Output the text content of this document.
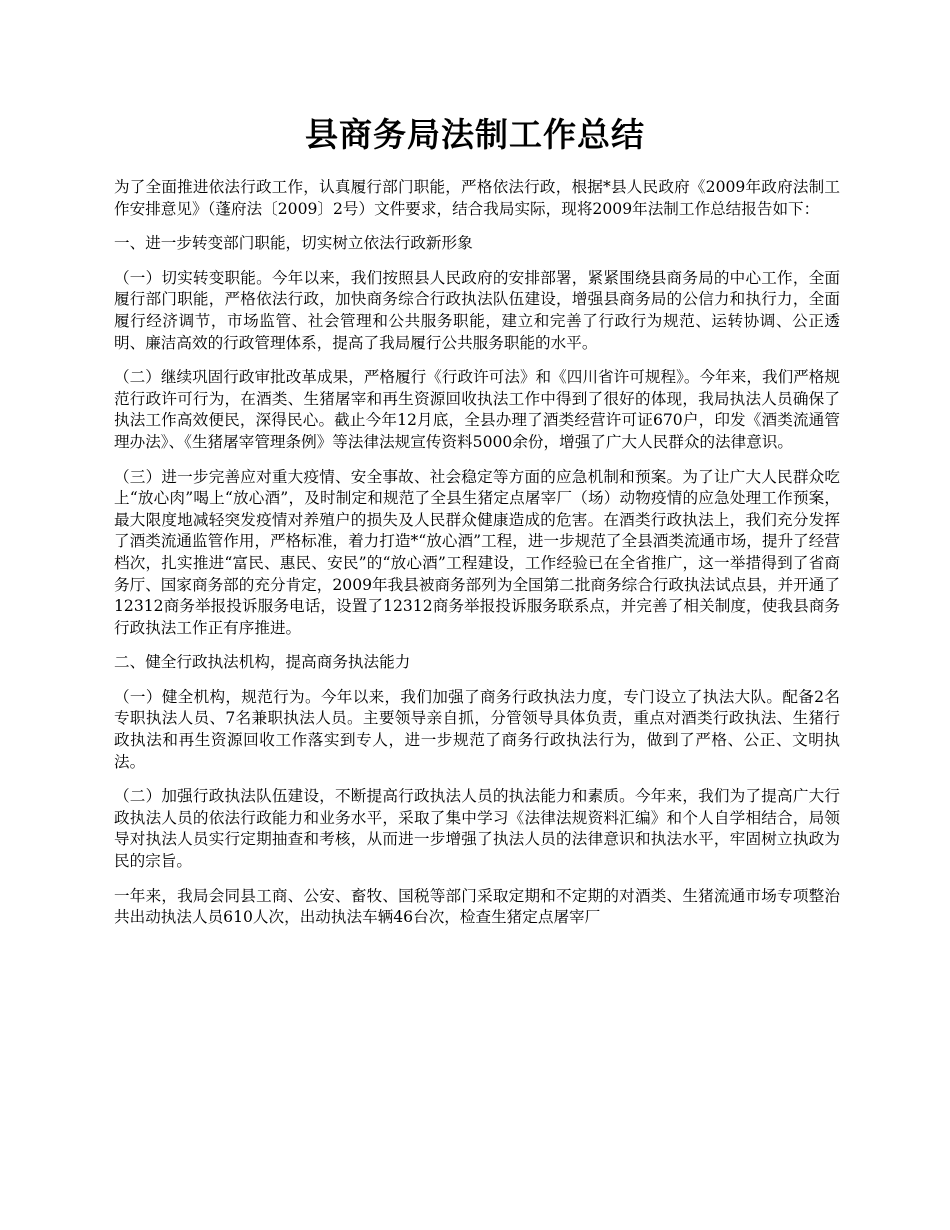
县商务局法制工作总结

为了全面推进依法行政工作，认真履行部门职能，严格依法行政，根据*县人民政府《2009年政府法制工作安排意见》（蓬府法〔2009〕2号）文件要求，结合我局实际，现将2009年法制工作总结报告如下：

一、进一步转变部门职能，切实树立依法行政新形象

（一）切实转变职能。今年以来，我们按照县人民政府的安排部署，紧紧围绕县商务局的中心工作，全面履行部门职能，严格依法行政，加快商务综合行政执法队伍建设，增强县商务局的公信力和执行力，全面履行经济调节，市场监管、社会管理和公共服务职能，建立和完善了行政行为规范、运转协调、公正透明、廉洁高效的行政管理体系，提高了我局履行公共服务职能的水平。

（二）继续巩固行政审批改革成果，严格履行《行政许可法》和《四川省许可规程》。今年来，我们严格规范行政许可行为，在酒类、生猪屠宰和再生资源回收执法工作中得到了很好的体现，我局执法人员确保了执法工作高效便民，深得民心。截止今年12月底，全县办理了酒类经营许可证670户，印发《酒类流通管理办法》、《生猪屠宰管理条例》等法律法规宣传资料5000余份，增强了广大人民群众的法律意识。

（三）进一步完善应对重大疫情、安全事故、社会稳定等方面的应急机制和预案。为了让广大人民群众吃上“放心肉”喝上“放心酒”，及时制定和规范了全县生猪定点屠宰厂（场）动物疫情的应急处理工作预案，最大限度地减轻突发疫情对养殖户的损失及人民群众健康造成的危害。在酒类行政执法上，我们充分发挥了酒类流通监管作用，严格标准，着力打造*“放心酒”工程，进一步规范了全县酒类流通市场，提升了经营档次，扎实推进“富民、惠民、安民”的“放心酒”工程建设，工作经验已在全省推广，这一举措得到了省商务厅、国家商务部的充分肯定，2009年我县被商务部列为全国第二批商务综合行政执法试点县，并开通了12312商务举报投诉服务电话，设置了12312商务举报投诉服务联系点，并完善了相关制度，使我县商务行政执法工作正有序推进。

二、健全行政执法机构，提高商务执法能力

（一）健全机构，规范行为。今年以来，我们加强了商务行政执法力度，专门设立了执法大队。配备2名专职执法人员、7名兼职执法人员。主要领导亲自抓，分管领导具体负责，重点对酒类行政执法、生猪行政执法和再生资源回收工作落实到专人，进一步规范了商务行政执法行为，做到了严格、公正、文明执法。

（二）加强行政执法队伍建设，不断提高行政执法人员的执法能力和素质。今年来，我们为了提高广大行政执法人员的依法行政能力和业务水平，采取了集中学习《法律法规资料汇编》和个人自学相结合，局领导对执法人员实行定期抽查和考核，从而进一步增强了执法人员的法律意识和执法水平，牢固树立执政为民的宗旨。

一年来，我局会同县工商、公安、畜牧、国税等部门采取定期和不定期的对酒类、生猪流通市场专项整治共出动执法人员610人次，出动执法车辆46台次，检查生猪定点屠宰厂
